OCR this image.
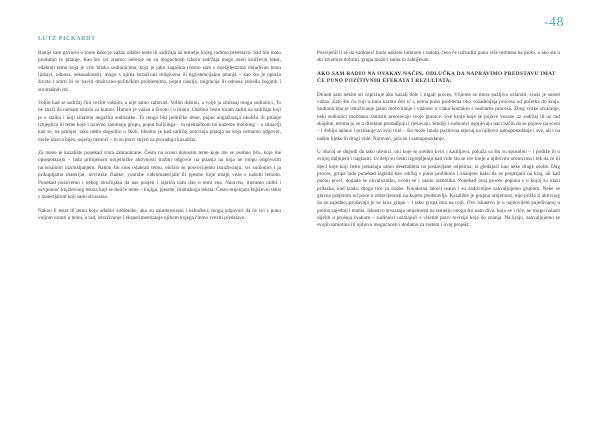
-48
LUTZ PICKARDT

Ranije sam govorio o tome kako je važan odabir teme ili sadržaja na temelju kojeg radimo predstavu. Sad bih malo produbio to pitanje. Kao što svi znamo, nebroje ne su mogućnosti izbora sadržaja mogu uzeti kniiževni tekst, odabrati temu koja je vrlo bliska sudionicima, koja je jako zagašina (česno sam s mješjdedzima obrađivao temu ljubavi, odnosa, seksualnosti), mogu s njima istraživati religioznu ili egzistencijalnu pitanja – kao što je opraža života i smrti ili se baviti društveno-političkim problemima, poput nasilja, migracija ili odnosa između bogatih i siromašnih itd.

Volim kad se sadržaj čini većim vašnim, a nije samo zabavan. Volim dubinu, a volje ja zmisnaj mogu sudionici. To ne znači da nemam smisla za humor. Humor je važan u životu i u drami. Osobno često biram raditi na sadržaju koji je u stalku i koji sinalmo angažira sudionike. To mogu biti političke teme, poput angažiranja okolišu ili pitanje izbjeglica ili teme koje i izravno zanimaju grupu, poput bullyinga – tu njemačkom mi kažemo mobbing – u situaciji kad se, na primjer, tako nešto dogodilo u školi. Idealno je kad sadržaj potcrnija pitanja na koja nemamo odgovor, može izazva bijes, osjećaj nemoći – to su pravi strjeti za proradnju kazališta.

Za mene je kazalište ponekad vrsta zamnobrane. Često na scenu donosim teme koje me se osobno tiču, koje me opsepolazuju – tada primjenom umjetničke aktivnosti tražim odgovor na pitanja na koja ne mogu odgovoriti racionalnim razmišljanjem. Nakon što smo odabrali temu, obično se posvećujemo istraživanju, svi sudionici i ja prikupljamo materijal, novinske članke, youtube videomaterijale ili pjesme koje imaju veze s našom temom. Ponekad pozovemo i nekog stručnjaka da nas posjeti i izpriča nam išto o temi ena. Naravno, moramo raditi i uzvpomuć književnog teksta koji se dotiče teme – knjiga, pjesme, dramskoga teksta. Često mijenjam književni tekst s materijalom koji sami stvaramo.

Nakon li tekst ili temu koju odabiri sudionike, ako su zainteresirani i uzbuđeni, mogu odgovori da će svi s punu voljom uronti u temu, u rad, istraživanje i eksperimentiranje njihom kojega činmo sveziti predstavu.

Posvijenii li se da sudionici budu uskleni inmnom i radom, česo će izdvaditi punu više mrmena na probi, a ako ste u ski stvarnim dobrim, grupa može i sama to zahtijevati.

AKO SAM RADIO NA OVAKAV NAČIN, ODLUČKA DA NAPRAVIMO PREDSTAVU IMAT ĆE PUNO POZITIVNIH EFEKATA I REZULTATA:

Dinom sam nekim sti usprižuje ako kazali dole i rugali proces. Vrijeme se mora pažljivo uslandit, svaki je susret važan. Zato što ću vuji u tima karmu želi ić i, nema puno problema oko vozadenjaja procesa od početka do kraja. Sudionicima je istraživanje jasno motiviranje i važnost u vlaka kontaktu s osobama procesa. Zbog svake stvaranje, neki sudionici moždanu zamislit preoravaju svoje granice. Sve kroje koje se pojave vezane uz sadržaj ili uz rad skupine, terima ju se u direktan proradljuju i rješavaju. Studiji i sudionici uspijevaju naci način da se pojave na sceni – i dobiju aplauz i priznanje za svoj trud – što može imala pozitivna utjecaj na njihovo samopouzdanje i sve, ali i na našim lijeko ih drugi vide. Naravno, jača se i samopouzdanje.

U idućoj se dogodi da tako učenici, oni koje se sredno kviri i kadrijavu, pokaža sa što su sposobni – i podrže ih u svojoj daljnjem i naglasiti. Ucitelji su često izgrepljeniji kad vide što se sve kreje u njihovim učenicima i tek da će ili djeci koje koji često pokazuju samo desetaliteta na postavljane odjelima, iz gledajući kao neke druge osobe. Dug proces, grupa tada ponekad izgleda kao održaj s puno problema i znanjem kako da se preprijatii na kraj, ali kad počnu proci, dogada se okvalozniku, ovom se i zasno raznolika. Ponekad ovaj proces popuna s u kojoj su ulazi prilazka, kad izada, droga tiće za osobe. Kooderna lakoći teatra i su zadovoljne zahvaljujemo grupom. Neke se glavna potjerom od poce u zdravljenosti na kojem predstavlja. Kazalište je grupna umjetnost, mje prišlo ti aktivnog da se zajedno, prošavaju je se kroz grupu – i tako grupa ima na rodi. Ovo iskustvo je u najnovijem pajeđivanoj u prema zajednici mama. Iskustvo stvaranja umjetnosti na temelju onoga što nam diva, koju se i tiče, ne mogu nalazit dijeliti u prošnju svakom – sudionici uzimajući s vlastite pravi revizija koja ilo znanja. Na kraju, zahvaljujemo se svojih samotina ili njihova mogućnosti i dodatno za rastem i ovaj projekt.
